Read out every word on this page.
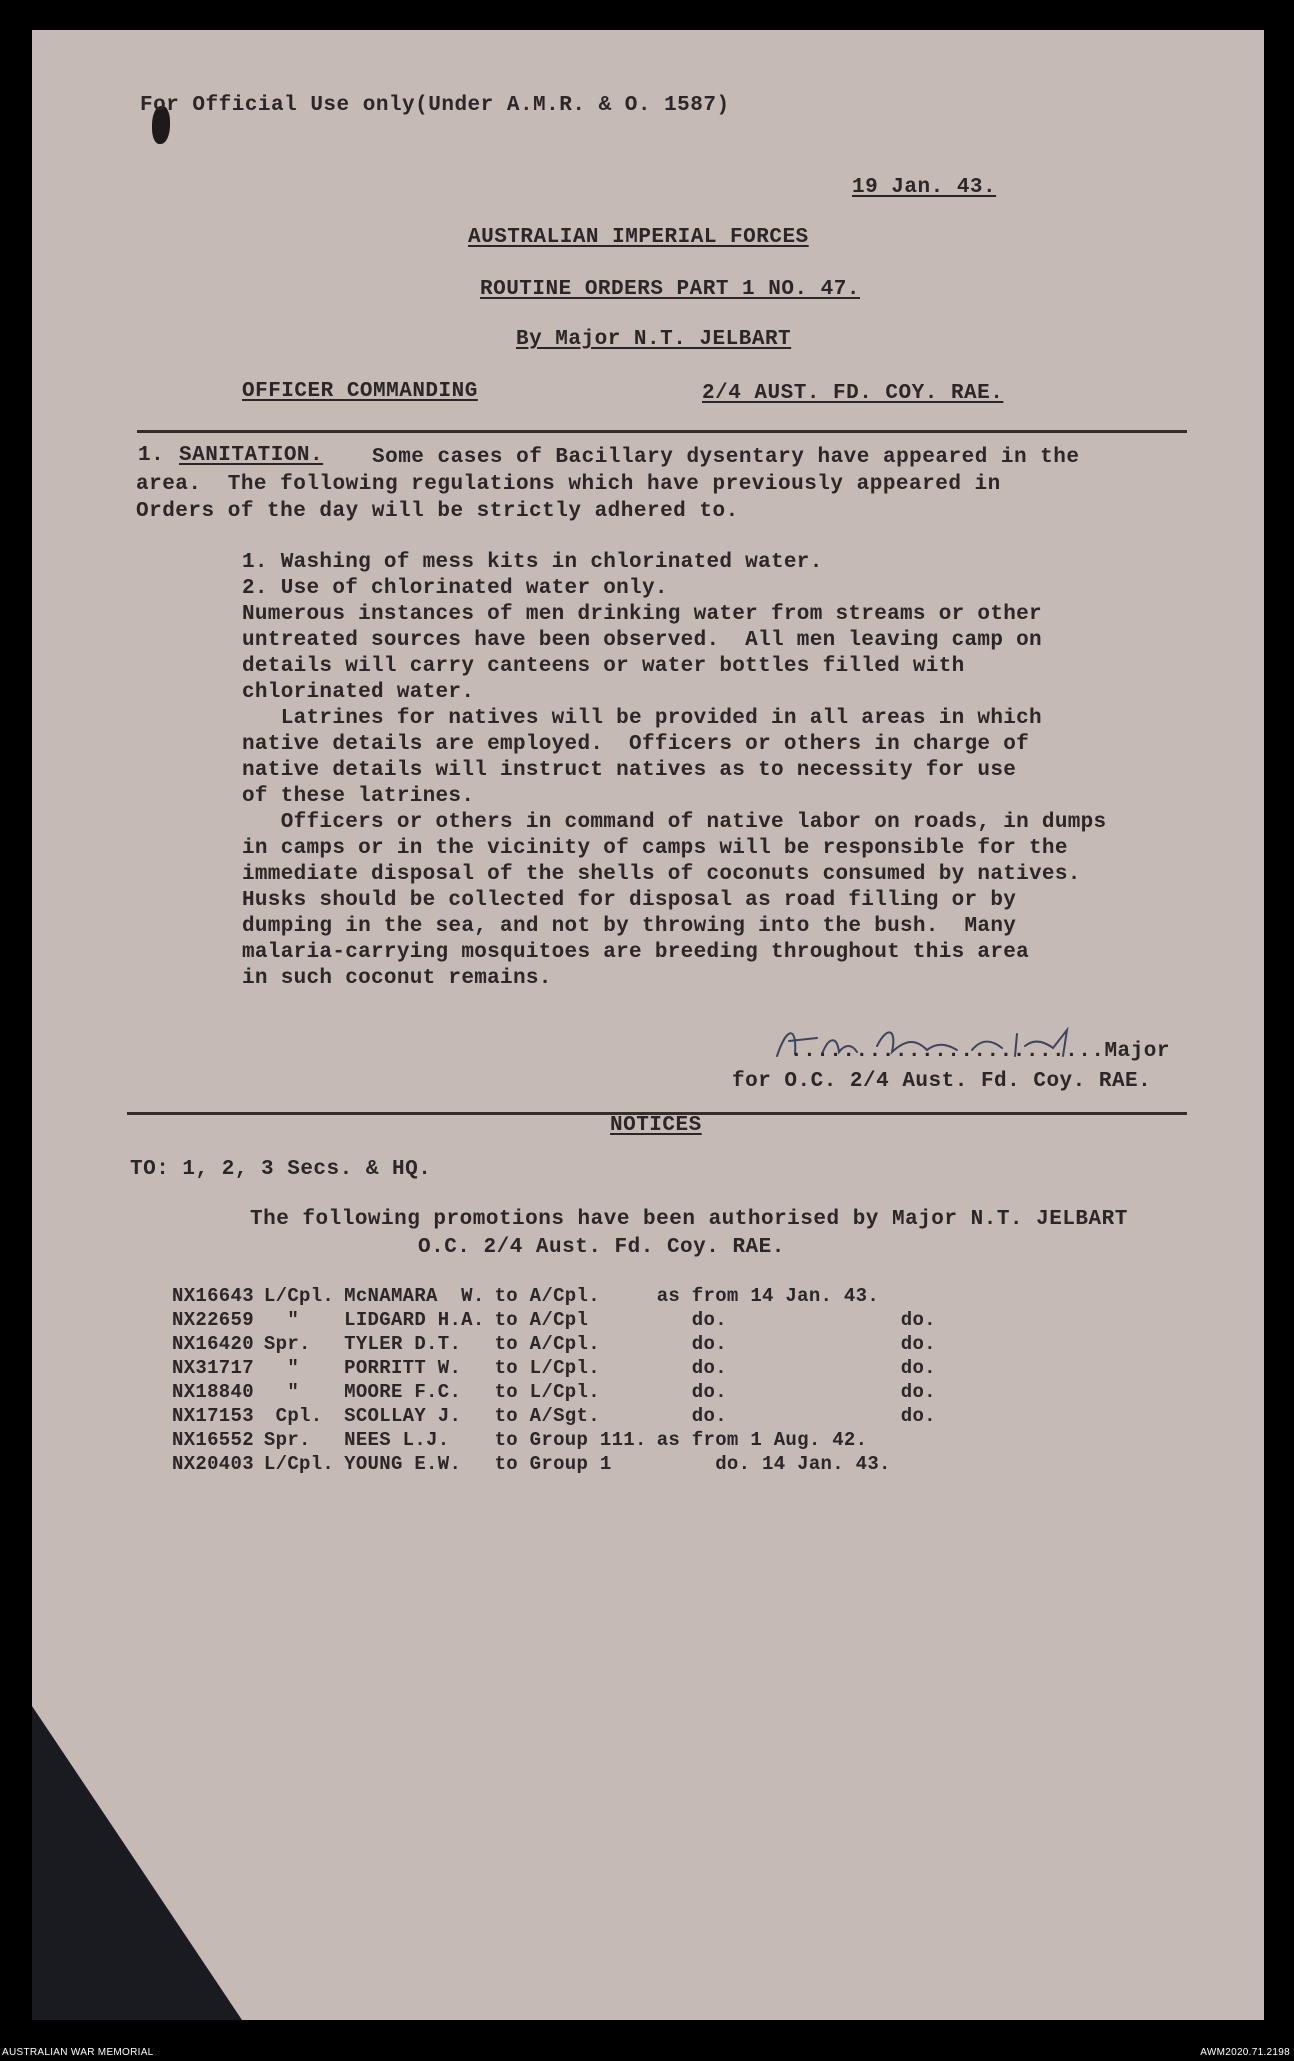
For Official Use only(Under A.M.R. & O. 1587)
19 Jan. 43.
AUSTRALIAN IMPERIAL FORCES
ROUTINE ORDERS PART 1 NO. 47.
By Major N.T. JELBART
OFFICER COMMANDING	2/4 AUST. FD. COY. RAE.
1. SANITATION. Some cases of Bacillary dysentary have appeared in the
area.  The following regulations which have previously appeared in
Orders of the day will be strictly adhered to.
1. Washing of mess kits in chlorinated water.
2. Use of chlorinated water only.
Numerous instances of men drinking water from streams or other
untreated sources have been observed.  All men leaving camp on
details will carry canteens or water bottles filled with
chlorinated water.
Latrines for natives will be provided in all areas in which
native details are employed.  Officers or others in charge of
native details will instruct natives as to necessity for use
of these latrines.
Officers or others in command of native labor on roads, in dumps
in camps or in the vicinity of camps will be responsible for the
immediate disposal of the shells of coconuts consumed by natives.
Husks should be collected for disposal as road filling or by
dumping in the sea, and not by throwing into the bush.  Many
malaria-carrying mosquitoes are breeding throughout this area
in such coconut remains.
........................Major
for O.C. 2/4 Aust. Fd. Coy. RAE.
NOTICES
TO: 1, 2, 3 Secs. & HQ.
The following promotions have been authorised by Major N.T. JELBART
O.C. 2/4 Aust. Fd. Coy. RAE.
NX16643	L/Cpl.	McNAMARA  W.	to A/Cpl.	as from 14 Jan. 43.	
NX22659	"	LIDGARD H.A.	to A/Cpl	do.	do.
NX16420	Spr.	TYLER D.T.	to A/Cpl.	do.	do.
NX31717	"	PORRITT W.	to L/Cpl.	do.	do.
NX18840	"	MOORE F.C.	to L/Cpl.	do.	do.
NX17153	Cpl.	SCOLLAY J.	to A/Sgt.	do.	do.
NX16552	Spr.	NEES L.J.	to Group 111.	as from 1 Aug. 42.	
NX20403	L/Cpl.	YOUNG E.W.	to Group 1	do. 14 Jan. 43.	
AUSTRALIAN WAR MEMORIAL	AWM2020.71.2198
